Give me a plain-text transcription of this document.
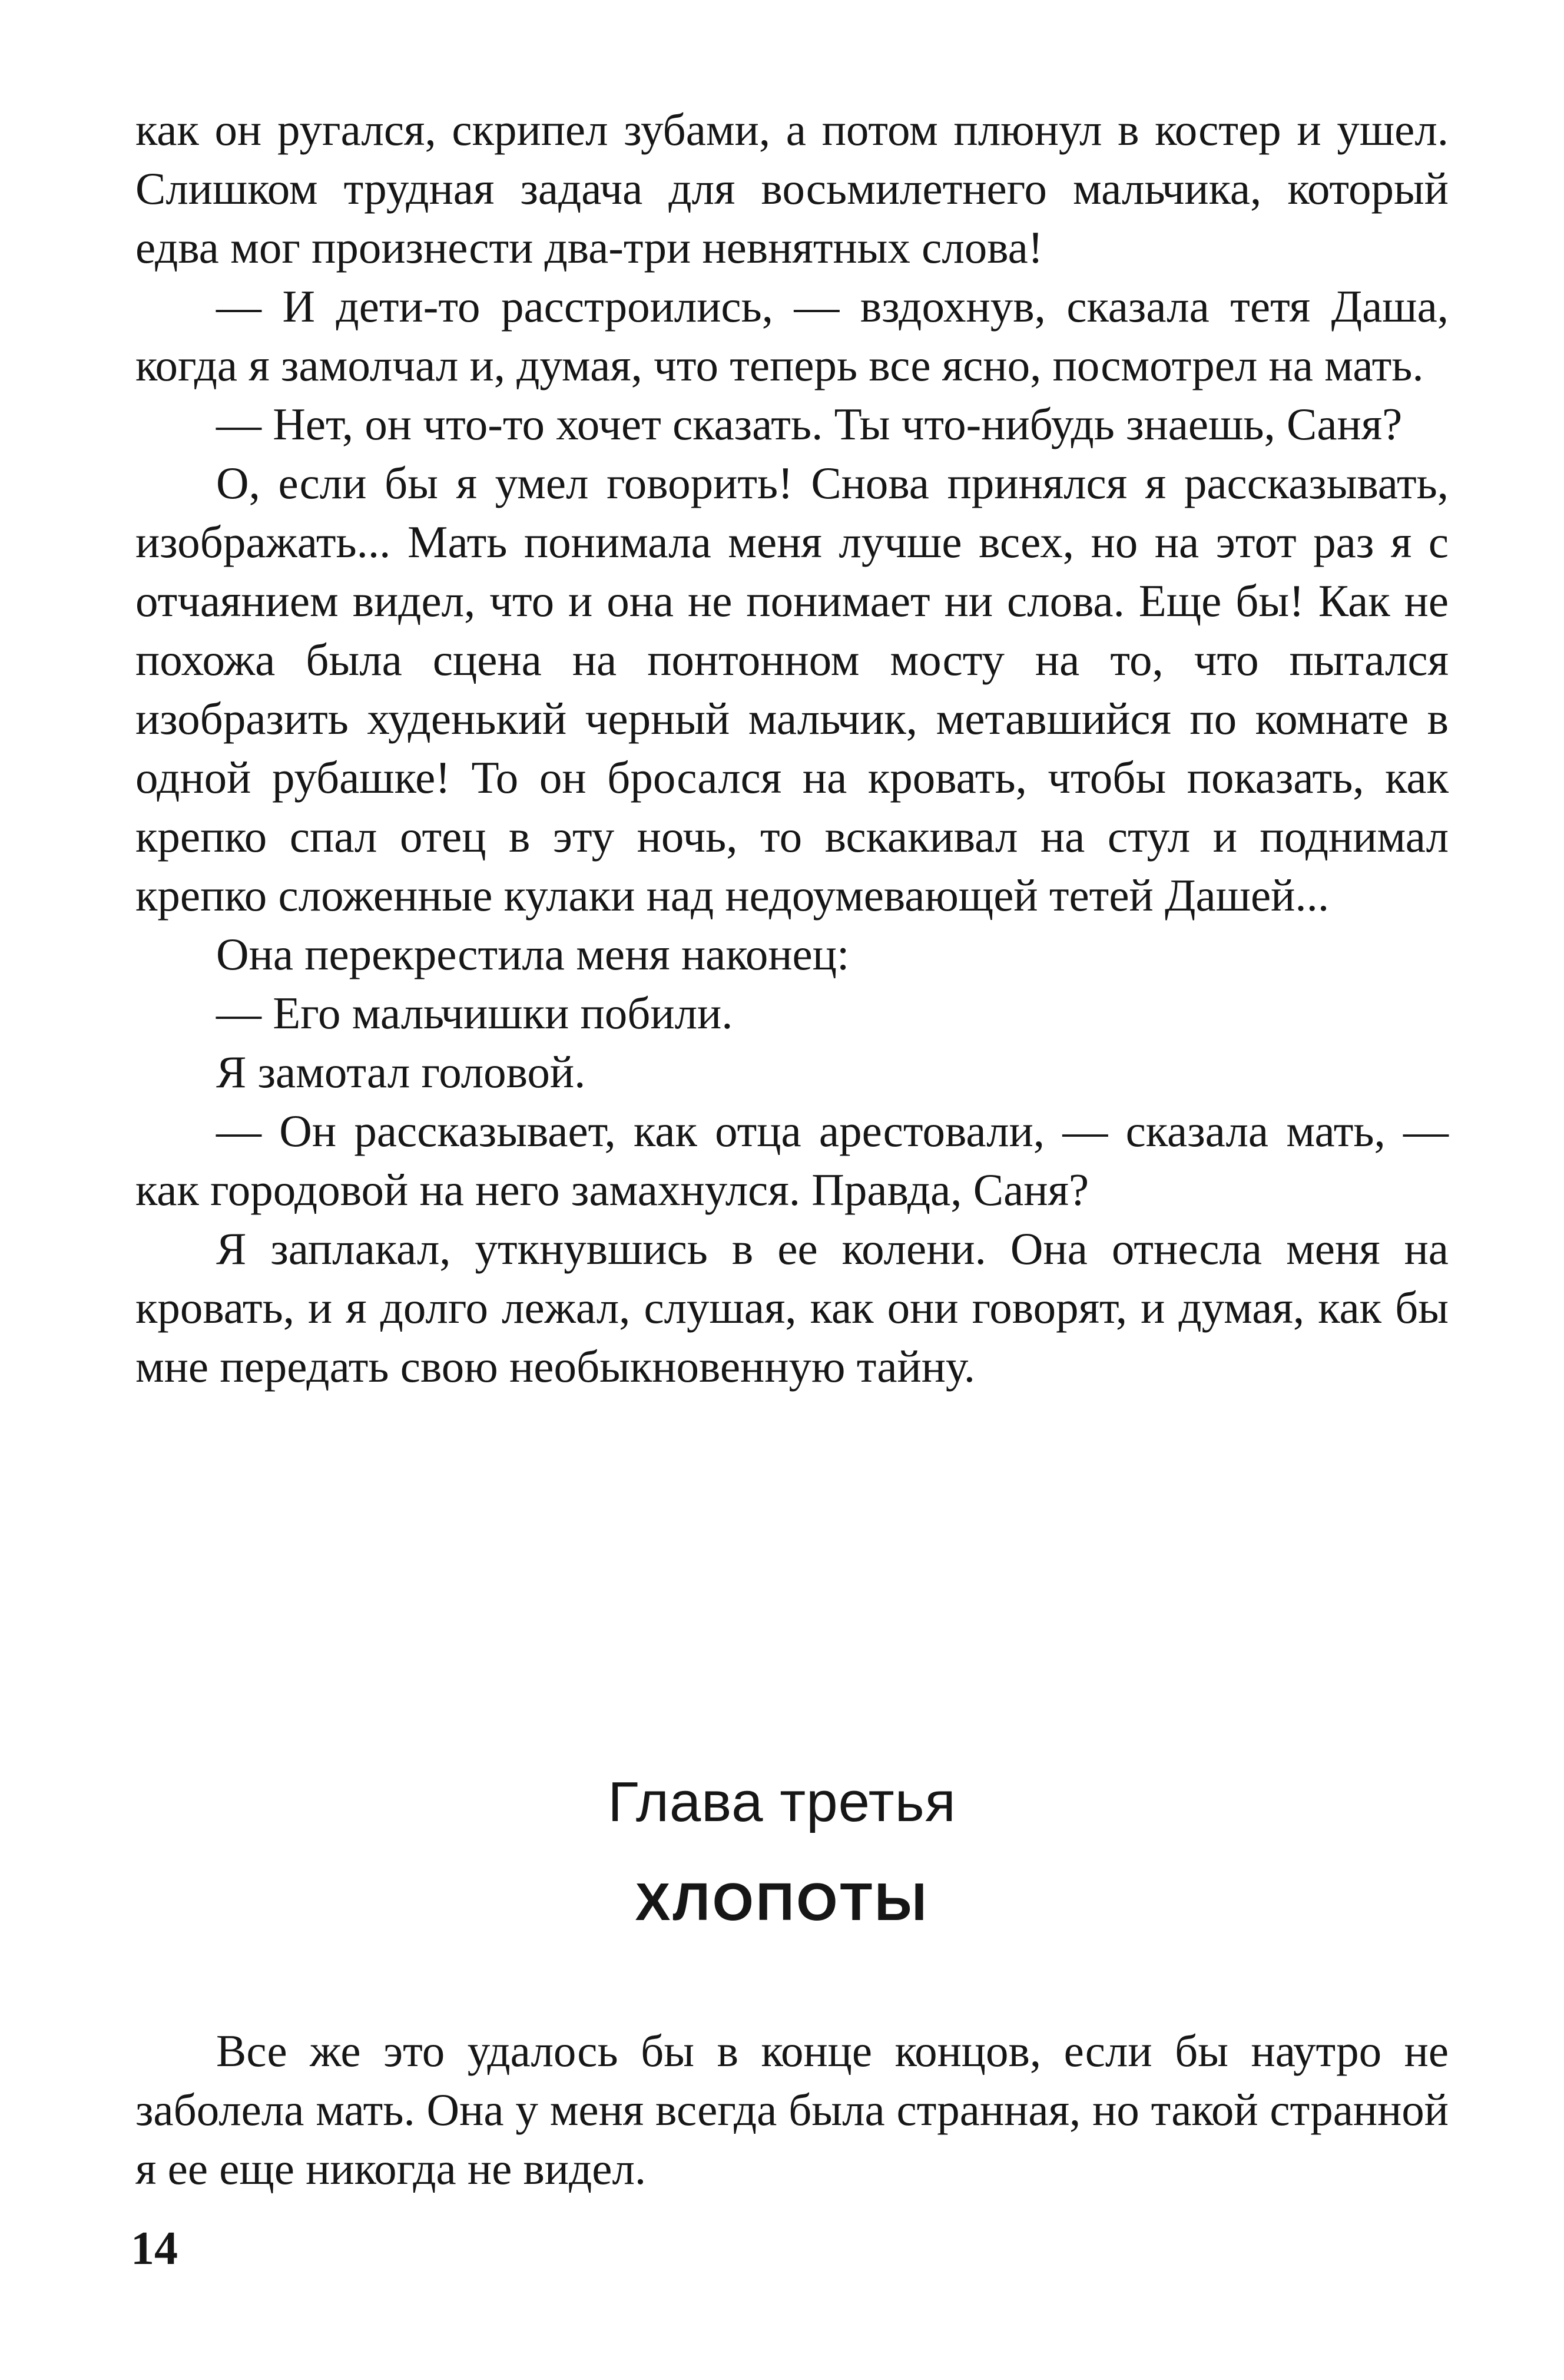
как он ругался, скрипел зубами, а потом плюнул в костер и ушел. Слишком трудная задача для восьмилетнего мальчика, который едва мог произнести два-три невнятных слова!

— И дети-то расстроились, — вздохнув, сказала тетя Даша, когда я замолчал и, думая, что теперь все ясно, посмотрел на мать.

— Нет, он что-то хочет сказать. Ты что-нибудь знаешь, Саня?

О, если бы я умел говорить! Снова принялся я рассказывать, изображать... Мать понимала меня лучше всех, но на этот раз я с отчаянием видел, что и она не понимает ни слова. Еще бы! Как не похожа была сцена на понтонном мосту на то, что пытался изобразить худенький черный мальчик, метавшийся по комнате в одной рубашке! То он бросался на кровать, чтобы показать, как крепко спал отец в эту ночь, то вскакивал на стул и поднимал крепко сложенные кулаки над недоумевающей тетей Дашей...

Она перекрестила меня наконец:

— Его мальчишки побили.

Я замотал головой.

— Он рассказывает, как отца арестовали, — сказала мать, — как городовой на него замахнулся. Правда, Саня?

Я заплакал, уткнувшись в ее колени. Она отнесла меня на кровать, и я долго лежал, слушая, как они говорят, и думая, как бы мне передать свою необыкновенную тайну.

Глава третья
ХЛОПОТЫ

Все же это удалось бы в конце концов, если бы наутро не заболела мать. Она у меня всегда была странная, но такой странной я ее еще никогда не видел.

14
